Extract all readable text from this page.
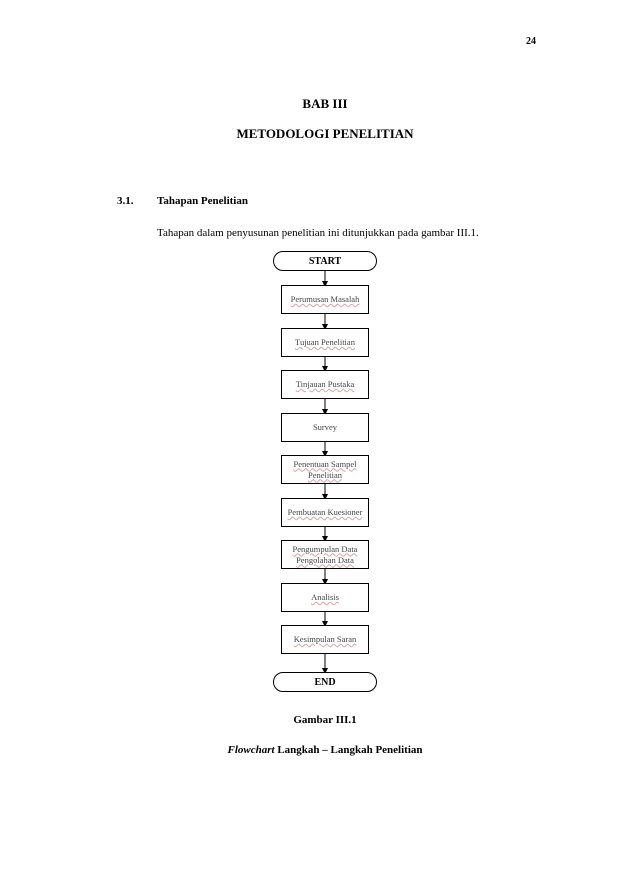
24
BAB III
METODOLOGI PENELITIAN
3.1. Tahapan Penelitian
Tahapan dalam penyusunan penelitian ini ditunjukkan pada gambar III.1.
START
Perumusan Masalah
Tujuan Penelitian
Tinjauan Pustaka
Survey
Penentuan Sampel Penelitian
Pembuatan Kuesioner
Pengumpulan Data Pengolahan Data
Analisis
Kesimpulan Saran
END
Gambar III.1
Flowchart Langkah – Langkah Penelitian
